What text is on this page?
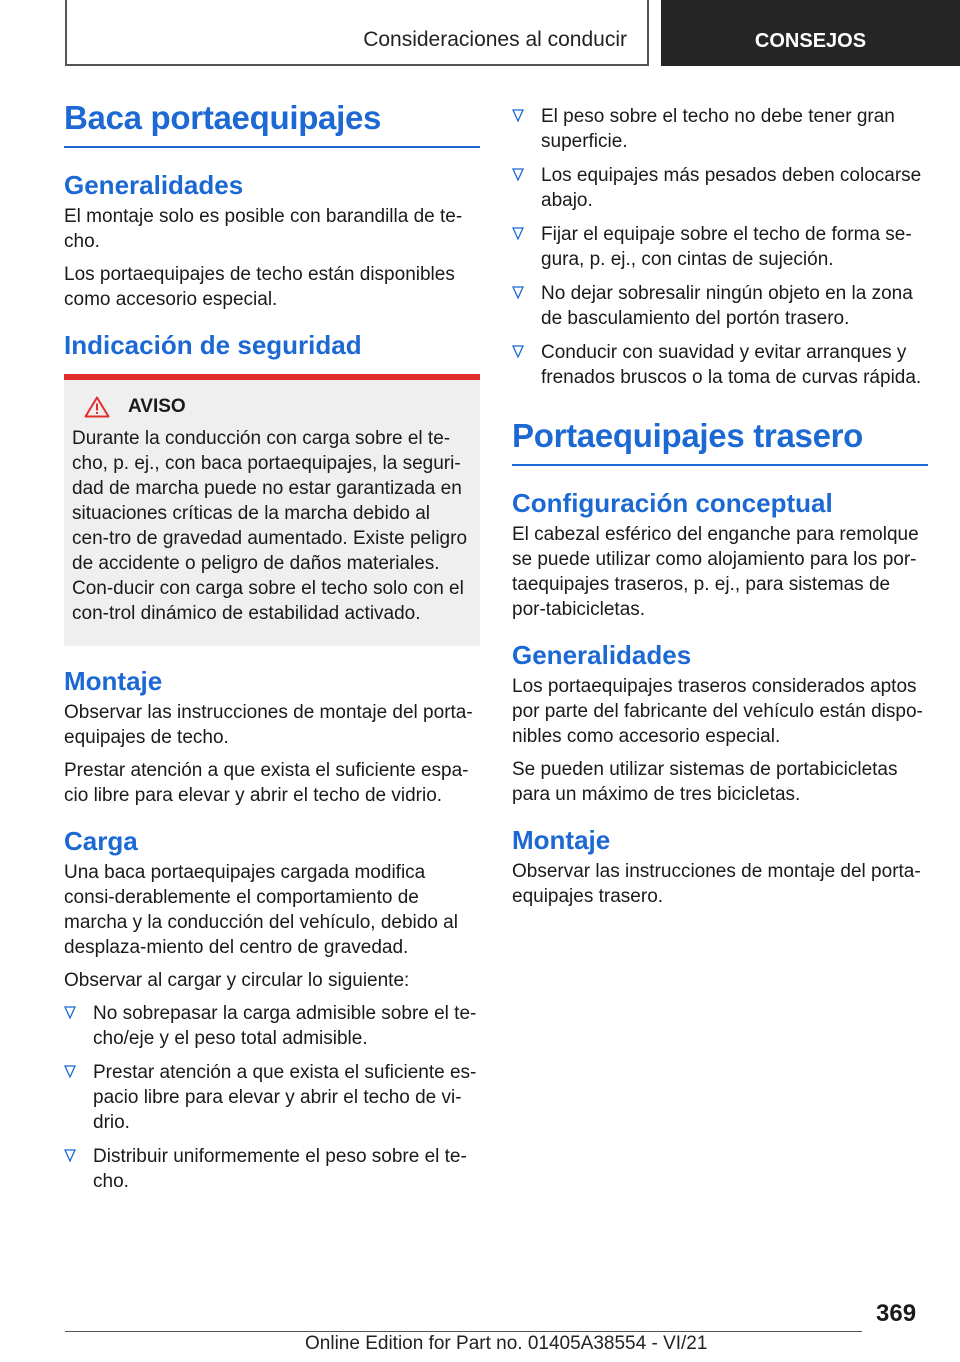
Consideraciones al conducir	CONSEJOS
Baca portaequipajes
Generalidades

El montaje solo es posible con barandilla de te-cho.

Los portaequipajes de techo están disponibles como accesorio especial.

Indicación de seguridad
AVISO

Durante la conducción con carga sobre el te-cho, p. ej., con baca portaequipajes, la seguri-dad de marcha puede no estar garantizada en situaciones críticas de la marcha debido al cen-tro de gravedad aumentado. Existe peligro de accidente o peligro de daños materiales. Con-ducir con carga sobre el techo solo con el con-trol dinámico de estabilidad activado.

Montaje

Observar las instrucciones de montaje del porta-equipajes de techo.

Prestar atención a que exista el suficiente espa-cio libre para elevar y abrir el techo de vidrio.

Carga

Una baca portaequipajes cargada modifica consi-derablemente el comportamiento de marcha y la conducción del vehículo, debido al desplaza-miento del centro de gravedad.

Observar al cargar y circular lo siguiente:

No sobrepasar la carga admisible sobre el te-cho/eje y el peso total admisible.
Prestar atención a que exista el suficiente es-pacio libre para elevar y abrir el techo de vi-drio.
Distribuir uniformemente el peso sobre el te-cho.
El peso sobre el techo no debe tener gran superficie.
Los equipajes más pesados deben colocarse abajo.
Fijar el equipaje sobre el techo de forma se-gura, p. ej., con cintas de sujeción.
No dejar sobresalir ningún objeto en la zona de basculamiento del portón trasero.
Conducir con suavidad y evitar arranques y frenados bruscos o la toma de curvas rápida.
Portaequipajes trasero
Configuración conceptual

El cabezal esférico del enganche para remolque se puede utilizar como alojamiento para los por-taequipajes traseros, p. ej., para sistemas de por-tabicicletas.

Generalidades

Los portaequipajes traseros considerados aptos por parte del fabricante del vehículo están dispo-nibles como accesorio especial.

Se pueden utilizar sistemas de portabicicletas para un máximo de tres bicicletas.

Montaje

Observar las instrucciones de montaje del porta-equipajes trasero.

369
Online Edition for Part no. 01405A38554 - VI/21
